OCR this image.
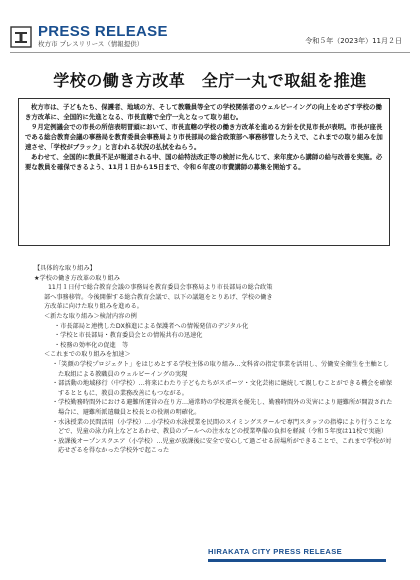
PRESS RELEASE
枚方市 プレスリリース（情報提供）	令和５年（2023年）11月２日
学校の働き方改革　全庁一丸で取組を推進

枚方市は、子どもたち、保護者、地域の方、そして教職員等全ての学校関係者のウェルビーイングの向上をめざす学校の働き方改革に、全国的に先進となる、市長直轄で全庁一丸となって取り組む。

９月定例議会での市長の所信表明冒頭において、市長直轄の学校の働き方改革を進める方針を伏見市長が表明。市長が座長である総合教育会議の事務局を教育委員会事務局より市長部局の総合政策部へ事務移管したうえで、これまでの取り組みを加速させ、「学校がブラック」と言われる状況の払拭をねらう。

あわせて、全国的に教員不足が報道される中、国の給特法改正等の検討に先んじて、来年度から講師の給与改善を実施。必要な教員を確保できるよう、11月１日から15日まで、令和６年度の市費講師の募集を開始する。

【具体的な取り組み】
★学校の働き方改革の取り組み
11月１日付で総合教育会議の事務局を教育委員会事務局より市長部局の総合政策
部へ事務移管。今後開催する総合教育会議で、以下の議題をとりあげ、学校の働き
方改革に向けた取り組みを進める。
＜新たな取り組み＞検討内容の例
・市長部局と連携したDX推進による保護者への情報発信のデジタル化
・学校と市長部局・教育委員会との情報共有の迅速化
・校務の効率化の促進　等
＜これまでの取り組みを加速＞
・「笑顔の学校プロジェクト」をはじめとする学校主体の取り組み…文科省の指定事業を活用し、労働安全衛生を主軸とした取組による教職員のウェルビーイングの実現
・部活動の地域移行（中学校）…将来にわたり子どもたちがスポーツ・文化芸術に継続して親しむことができる機会を確保するとともに、教員の業務改善にもつながる。
・学校勤務時間外における避難所運営の在り方…通常時の学校運営を優先し、勤務時間外の災害により避難所が開設された場合に、避難所派遣職員と校長との役割の明確化。
・水泳授業の民間活用（小学校）…小学校の水泳授業を民間のスイミングスクールで専門スタッフの指導により行うことなどで、児童の泳力向上などとあわせ、教員のプールへの注水などの授業準備の負担を軽減（令和５年度は11校で実施）
・放課後オープンスクエア（小学校）…児童が放課後に安全で安心して過ごせる居場所ができることで、これまで学校が対応せざるを得なかった学校外で起こった
HIRAKATA CITY PRESS RELEASE
